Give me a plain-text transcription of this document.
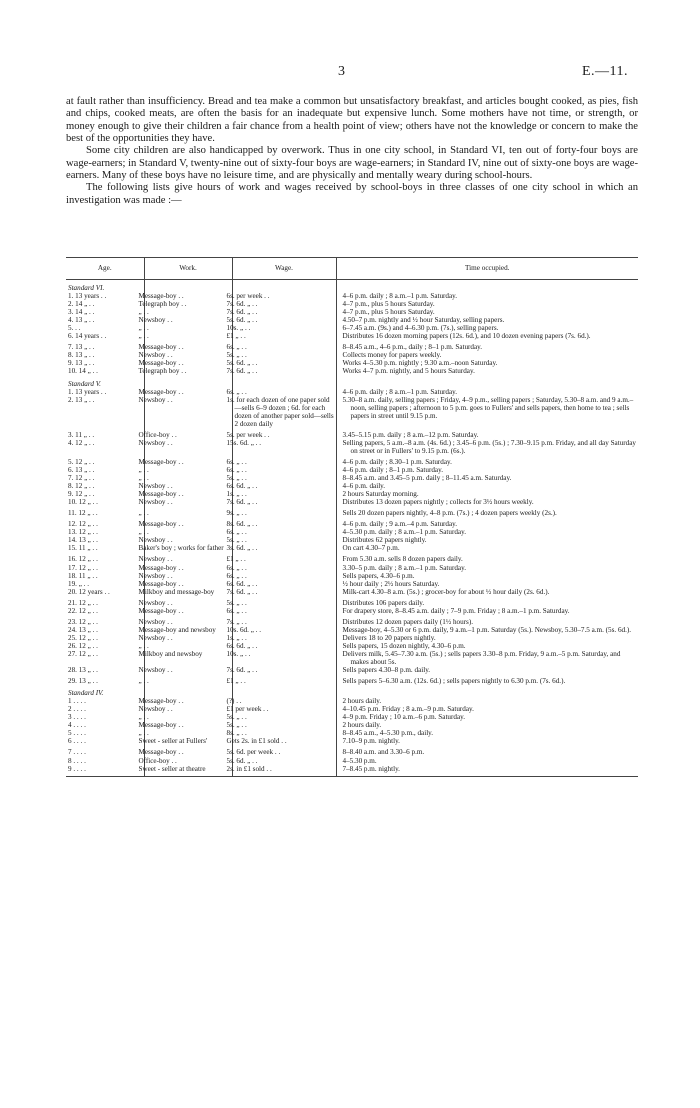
3	E.—11.

at fault rather than insufficiency. Bread and tea make a common but unsatisfactory breakfast, and articles bought cooked, as pies, fish and chips, cooked meats, are often the basis for an inadequate but expensive lunch. Some mothers have not time, or strength, or money enough to give their children a fair chance from a health point of view; others have not the knowledge or concern to make the best of the opportunities they have.

Some city children are also handicapped by overwork. Thus in one city school, in Standard VI, ten out of forty-four boys are wage-earners; in Standard V, twenty-nine out of sixty-four boys are wage-earners; in Standard IV, nine out of sixty-one boys are wage-earners. Many of these boys have no leisure time, and are physically and mentally weary during school-hours.

The following lists give hours of work and wages received by school-boys in three classes of one city school in which an investigation was made :—

Age.	Work.	Wage.	Time occupied.
Standard VI.			
1. 13 years . .	Message-boy . .	6s. per week . .	4–6 p.m. daily ; 8 a.m.–1 p.m. Saturday.
2. 14 „ . .	Telegraph boy . .	7s. 6d. „ . .	4–7 p.m., plus 5 hours Saturday.
3. 14 „ . .	„ . .	7s. 6d. „ . .	4–7 p.m., plus 5 hours Saturday.
4. 13 „ . .	Newsboy . .	5s. 6d. „ . .	4.50–7 p.m. nightly and ½ hour Saturday, selling papers.
5. . .	„ . .	10s. „ . .	6–7.45 a.m. (9s.) and 4–6.30 p.m. (7s.), selling papers.
6. 14 years . .	„ . .	£1 „ . .	Distributes 16 dozen morning papers (12s. 6d.), and 10 dozen evening papers (7s. 6d.).
7. 13 „ . .	Message-boy . .	6s. „ . .	8–8.45 a.m., 4–6 p.m., daily ; 8–1 p.m. Saturday.
8. 13 „ . .	Newsboy . .	5s. „ . .	Collects money for papers weekly.
9. 13 „ . .	Message-boy . .	5s. 6d. „ . .	Works 4–5.30 p.m. nightly ; 9.30 a.m.–noon Saturday.
10. 14 „ . .	Telegraph boy . .	7s. 6d. „ . .	Works 4–7 p.m. nightly, and 5 hours Saturday.
Standard V.			
1. 13 years . .	Message-boy . .	6s. „ . .	4–6 p.m. daily ; 8 a.m.–1 p.m. Saturday.
2. 13 „ . .	Newsboy . .	1s. for each dozen of one paper sold—sells 6–9 dozen ; 6d. for each dozen of another paper sold—sells 2 dozen daily	5.30–8 a.m. daily, selling papers ; Friday, 4–9 p.m., selling papers ; Saturday, 5.30–8 a.m. and 9 a.m.–noon, selling papers ; afternoon to 5 p.m. goes to Fullers' and sells papers, then home to tea ; sells papers in street until 9.15 p.m.
3. 11 „ . .	Office-boy . .	5s. per week . .	3.45–5.15 p.m. daily ; 8 a.m.–12 p.m. Saturday.
4. 12 „ . .	Newsboy . .	15s. 6d. „ . .	Selling papers, 5 a.m.–8 a.m. (4s. 6d.) ; 3.45–6 p.m. (5s.) ; 7.30–9.15 p.m. Friday, and all day Saturday on street or in Fullers' to 9.15 p.m. (6s.).
5. 12 „ . .	Message-boy . .	6s. „ . .	4–6 p.m. daily ; 8.30–1 p.m. Saturday.
6. 13 „ . .	„ . .	6s. „ . .	4–6 p.m. daily ; 8–1 p.m. Saturday.
7. 12 „ . .	„ . .	5s. „ . .	8–8.45 a.m. and 3.45–5 p.m. daily ; 8–11.45 a.m. Saturday.
8. 12 „ . .	Newsboy . .	6s. 6d. „ . .	4–6 p.m. daily.
9. 12 „ . .	Message-boy . .	1s. „ . .	2 hours Saturday morning.
10. 12 „ . .	Newsboy . .	7s. 6d. „ . .	Distributes 13 dozen papers nightly ; collects for 3½ hours weekly.
11. 12 „ . .	„ . .	9s. „ . .	Sells 20 dozen papers nightly, 4–8 p.m. (7s.) ; 4 dozen papers weekly (2s.).
12. 12 „ . .	Message-boy . .	8s. 6d. „ . .	4–6 p.m. daily ; 9 a.m.–4 p.m. Saturday.
13. 12 „ . .	„ . .	6s. „ . .	4–5.30 p.m. daily ; 8 a.m.–1 p.m. Saturday.
14. 13 „ . .	Newsboy . .	5s. „ . .	Distributes 62 papers nightly.
15. 11 „ . .	Baker's boy ; works for father	3s. 6d. „ . .	On cart 4.30–7 p.m.
16. 12 „ . .	Newsboy . .	£1 „ . .	From 5.30 a.m. sells 8 dozen papers daily.
17. 12 „ . .	Message-boy . .	6s. „ . .	3.30–5 p.m. daily ; 8 a.m.–1 p.m. Saturday.
18. 11 „ . .	Newsboy . .	6s. „ . .	Sells papers, 4.30–6 p.m.
19. „ . .	Message-boy . .	6s. 6d. „ . .	½ hour daily ; 2½ hours Saturday.
20. 12 years . .	Milkboy and message-boy	7s. 6d. „ . .	Milk-cart 4.30–8 a.m. (5s.) ; grocer-boy for about ½ hour daily (2s. 6d.).
21. 12 „ . .	Newsboy . .	5s. „ . .	Distributes 106 papers daily.
22. 12 „ . .	Message-boy . .	6s. „ . .	For drapery store, 8–8.45 a.m. daily ; 7–9 p.m. Friday ; 8 a.m.–1 p.m. Saturday.
23. 12 „ . .	Newsboy . .	7s. „ . .	Distributes 12 dozen papers daily (1½ hours).
24. 13 „ . .	Message-boy and newsboy	10s. 6d. „ . .	Message-boy, 4–5.30 or 6 p.m. daily, 9 a.m.–1 p.m. Saturday (5s.). Newsboy, 5.30–7.5 a.m. (5s. 6d.).
25. 12 „ . .	Newsboy . .	1s. „ . .	Delivers 18 to 20 papers nightly.
26. 12 „ . .	„ . .	6s. 6d. „ . .	Sells papers, 15 dozen nightly, 4.30–6 p.m.
27. 12 „ . .	Milkboy and newsboy	10s. „ . .	Delivers milk, 5.45–7.30 a.m. (5s.) ; sells papers 3.30–8 p.m. Friday, 9 a.m.–5 p.m. Saturday, and makes about 5s.
28. 13 „ . .	Newsboy . .	7s. 6d. „ . .	Sells papers 4.30–8 p.m. daily.
29. 13 „ . .	„ . .	£1 „ . .	Sells papers 5–6.30 a.m. (12s. 6d.) ; sells papers nightly to 6.30 p.m. (7s. 6d.).
Standard IV.			
1 . . . .	Message-boy . .	(?) . .	2 hours daily.
2 . . . .	Newsboy . .	£1 per week . .	4–10.45 p.m. Friday ; 8 a.m.–9 p.m. Saturday.
3 . . . .	„ . .	5s. „ . .	4–9 p.m. Friday ; 10 a.m.–6 p.m. Saturday.
4 . . . .	Message-boy . .	5s. „ . .	2 hours daily.
5 . . . .	„ . .	8s. „ . .	8–8.45 a.m., 4–5.30 p.m., daily.
6 . . . .	Sweet - seller at Fullers'	Gets 2s. in £1 sold . .	7.10–9 p.m. nightly.
7 . . . .	Message-boy . .	5s. 6d. per week . .	8–8.40 a.m. and 3.30–6 p.m.
8 . . . .	Office-boy . .	5s. 6d. „ . .	4–5.30 p.m.
9 . . . .	Sweet - seller at theatre	2s. in £1 sold . .	7–8.45 p.m. nightly.
